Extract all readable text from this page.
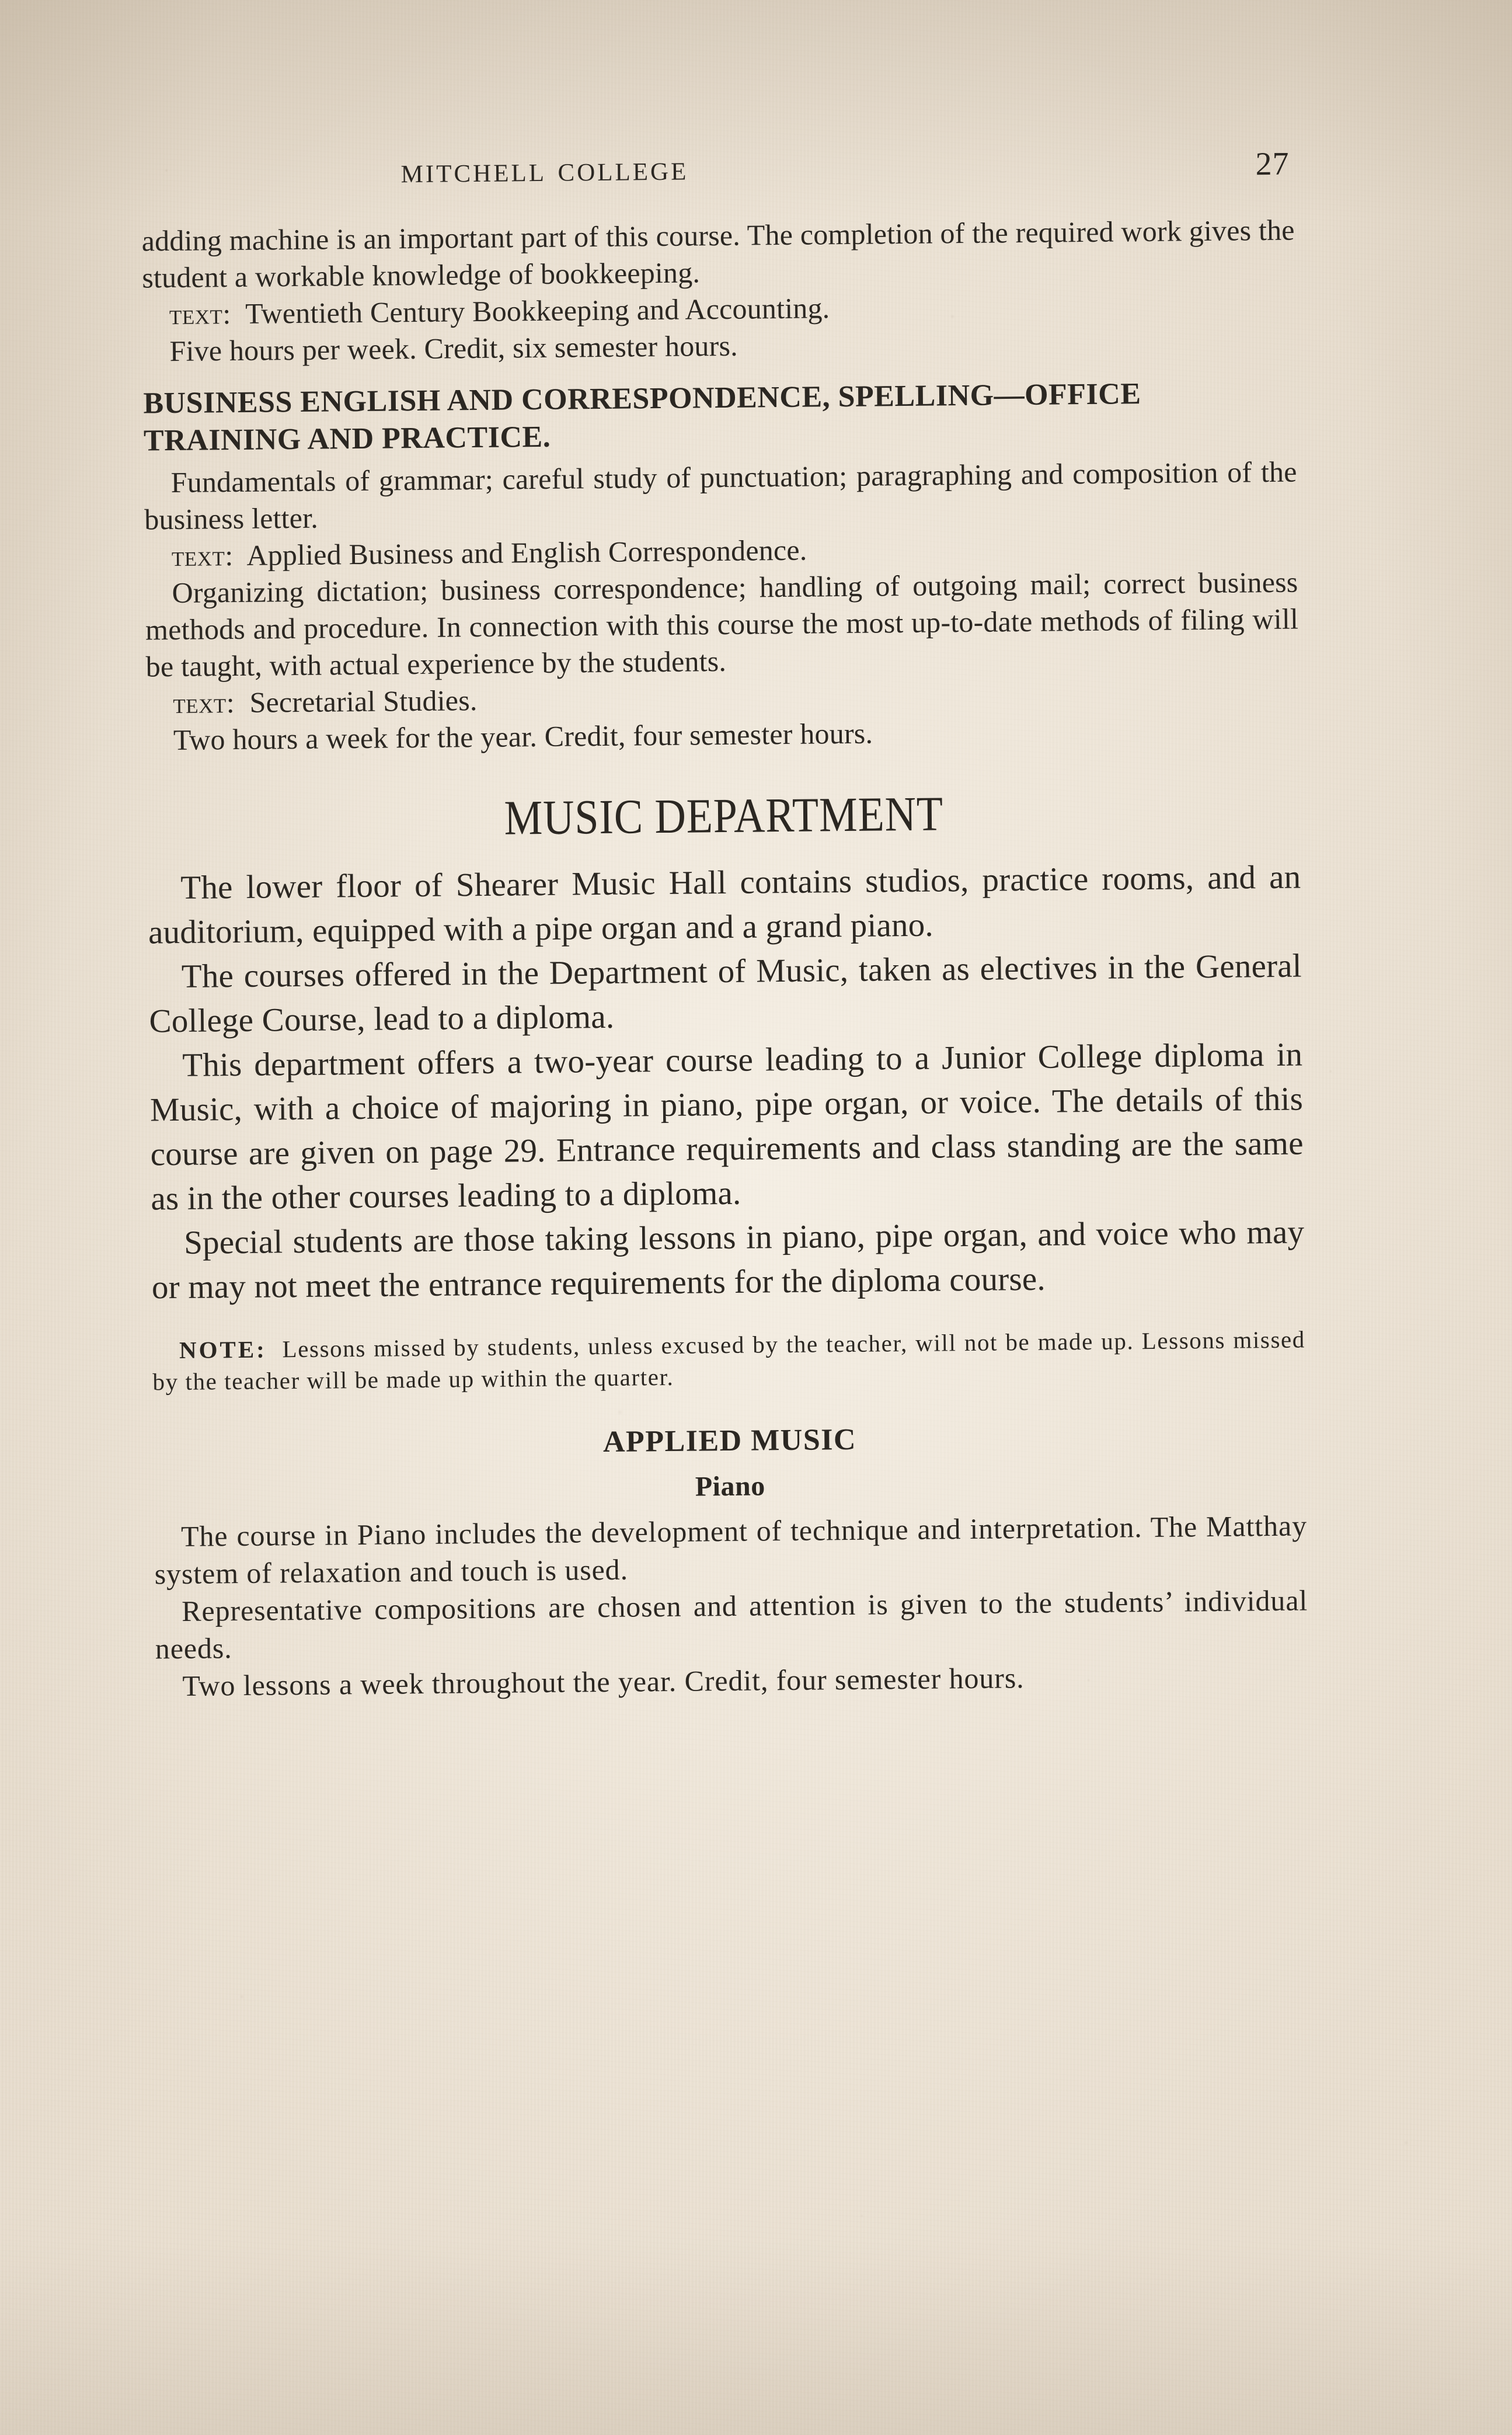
mitchell college	27

adding machine is an important part of this course. The completion of the required work gives the student a workable knowledge of bookkeeping.

text: Twentieth Century Bookkeeping and Accounting.

Five hours per week. Credit, six semester hours.

BUSINESS ENGLISH AND CORRESPONDENCE, SPELLING—OFFICE TRAINING AND PRACTICE.

Fundamentals of grammar; careful study of punctuation; paragraphing and composition of the business letter.

text: Applied Business and English Correspondence.

Organizing dictation; business correspondence; handling of outgoing mail; correct business methods and procedure. In connection with this course the most up-to-date methods of filing will be taught, with actual experience by the students.

text: Secretarial Studies.

Two hours a week for the year. Credit, four semester hours.

MUSIC DEPARTMENT

The lower floor of Shearer Music Hall contains studios, practice rooms, and an auditorium, equipped with a pipe organ and a grand piano.

The courses offered in the Department of Music, taken as electives in the General College Course, lead to a diploma.

This department offers a two-year course leading to a Junior College diploma in Music, with a choice of majoring in piano, pipe organ, or voice. The details of this course are given on page 29. Entrance requirements and class standing are the same as in the other courses leading to a diploma.

Special students are those taking lessons in piano, pipe organ, and voice who may or may not meet the entrance requirements for the diploma course.

NOTE: Lessons missed by students, unless excused by the teacher, will not be made up. Lessons missed by the teacher will be made up within the quarter.

APPLIED MUSIC
Piano

The course in Piano includes the development of technique and interpretation. The Matthay system of relaxation and touch is used.

Representative compositions are chosen and attention is given to the students’ individual needs.

Two lessons a week throughout the year. Credit, four semester hours.
